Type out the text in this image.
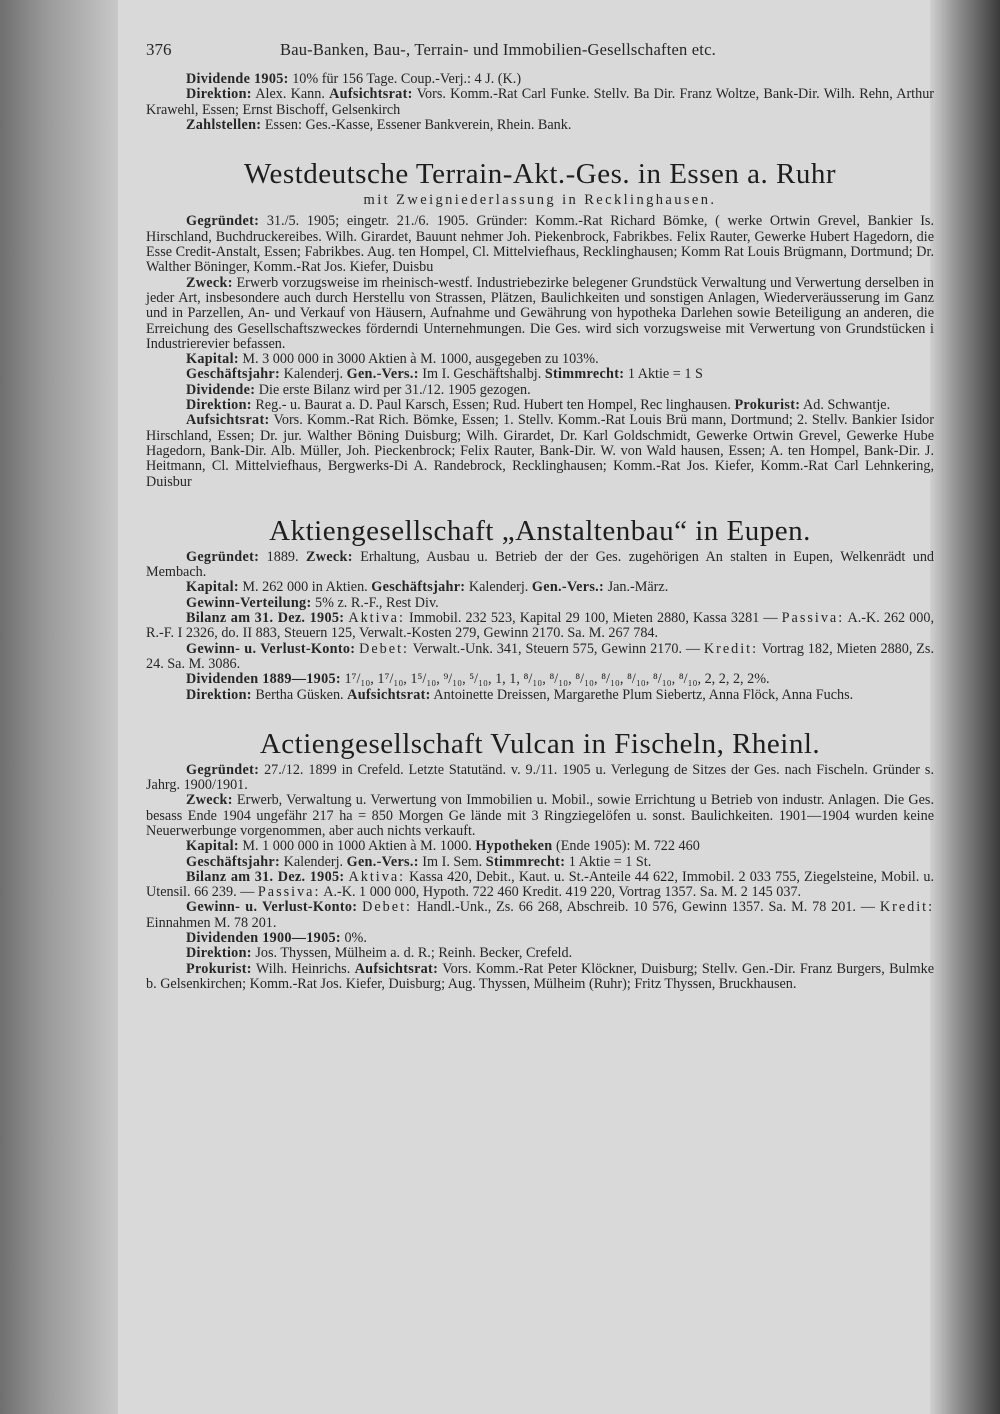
376	Bau-Banken, Bau-, Terrain- und Immobilien-Gesellschaften etc.

Dividende 1905: 10% für 156 Tage. Coup.-Verj.: 4 J. (K.)

Direktion: Alex. Kann. Aufsichtsrat: Vors. Komm.-Rat Carl Funke. Stellv. Ba Dir. Franz Woltze, Bank-Dir. Wilh. Rehn, Arthur Krawehl, Essen; Ernst Bischoff, Gelsenkirch

Zahlstellen: Essen: Ges.-Kasse, Essener Bankverein, Rhein. Bank.

Westdeutsche Terrain-Akt.-Ges. in Essen a. Ruhr
mit Zweigniederlassung in Recklinghausen.

Gegründet: 31./5. 1905; eingetr. 21./6. 1905. Gründer: Komm.-Rat Richard Bömke, ( werke Ortwin Grevel, Bankier Is. Hirschland, Buchdruckereibes. Wilh. Girardet, Bauunt nehmer Joh. Piekenbrock, Fabrikbes. Felix Rauter, Gewerke Hubert Hagedorn, die Esse Credit-Anstalt, Essen; Fabrikbes. Aug. ten Hompel, Cl. Mittelviefhaus, Recklinghausen; Komm Rat Louis Brügmann, Dortmund; Dr. Walther Böninger, Komm.-Rat Jos. Kiefer, Duisbu

Zweck: Erwerb vorzugsweise im rheinisch-westf. Industriebezirke belegener Grundstück Verwaltung und Verwertung derselben in jeder Art, insbesondere auch durch Herstellu von Strassen, Plätzen, Baulichkeiten und sonstigen Anlagen, Wiederveräusserung im Ganz und in Parzellen, An- und Verkauf von Häusern, Aufnahme und Gewährung von hypotheka Darlehen sowie Beteiligung an anderen, die Erreichung des Gesellschaftszweckes förderndi Unternehmungen. Die Ges. wird sich vorzugsweise mit Verwertung von Grundstücken i Industrierevier befassen.

Kapital: M. 3 000 000 in 3000 Aktien à M. 1000, ausgegeben zu 103%.

Geschäftsjahr: Kalenderj. Gen.-Vers.: Im I. Geschäftshalbj. Stimmrecht: 1 Aktie = 1 S

Dividende: Die erste Bilanz wird per 31./12. 1905 gezogen.

Direktion: Reg.- u. Baurat a. D. Paul Karsch, Essen; Rud. Hubert ten Hompel, Rec linghausen. Prokurist: Ad. Schwantje.

Aufsichtsrat: Vors. Komm.-Rat Rich. Bömke, Essen; 1. Stellv. Komm.-Rat Louis Brü mann, Dortmund; 2. Stellv. Bankier Isidor Hirschland, Essen; Dr. jur. Walther Böning Duisburg; Wilh. Girardet, Dr. Karl Goldschmidt, Gewerke Ortwin Grevel, Gewerke Hube Hagedorn, Bank-Dir. Alb. Müller, Joh. Pieckenbrock; Felix Rauter, Bank-Dir. W. von Wald hausen, Essen; A. ten Hompel, Bank-Dir. J. Heitmann, Cl. Mittelviefhaus, Bergwerks-Di A. Randebrock, Recklinghausen; Komm.-Rat Jos. Kiefer, Komm.-Rat Carl Lehnkering, Duisbur

Aktiengesellschaft „Anstaltenbau“ in Eupen.

Gegründet: 1889. Zweck: Erhaltung, Ausbau u. Betrieb der der Ges. zugehörigen An stalten in Eupen, Welkenrädt und Membach.

Kapital: M. 262 000 in Aktien. Geschäftsjahr: Kalenderj. Gen.-Vers.: Jan.-März.

Gewinn-Verteilung: 5% z. R.-F., Rest Div.

Bilanz am 31. Dez. 1905: Aktiva: Immobil. 232 523, Kapital 29 100, Mieten 2880, Kassa 3281 — Passiva: A.-K. 262 000, R.-F. I 2326, do. II 883, Steuern 125, Verwalt.-Kosten 279, Gewinn 2170. Sa. M. 267 784.

Gewinn- u. Verlust-Konto: Debet: Verwalt.-Unk. 341, Steuern 575, Gewinn 2170. — Kredit: Vortrag 182, Mieten 2880, Zs. 24. Sa. M. 3086.

Dividenden 1889—1905: 1⁷/₁₀, 1⁷/₁₀, 1⁵/₁₀, ⁹/₁₀, ⁵/₁₀, 1, 1, ⁸/₁₀, ⁸/₁₀, ⁸/₁₀, ⁸/₁₀, ⁸/₁₀, ⁸/₁₀, ⁸/₁₀, 2, 2, 2, 2%.

Direktion: Bertha Güsken. Aufsichtsrat: Antoinette Dreissen, Margarethe Plum Siebertz, Anna Flöck, Anna Fuchs.

Actiengesellschaft Vulcan in Fischeln, Rheinl.

Gegründet: 27./12. 1899 in Crefeld. Letzte Statutänd. v. 9./11. 1905 u. Verlegung de Sitzes der Ges. nach Fischeln. Gründer s. Jahrg. 1900/1901.

Zweck: Erwerb, Verwaltung u. Verwertung von Immobilien u. Mobil., sowie Errichtung u Betrieb von industr. Anlagen. Die Ges. besass Ende 1904 ungefähr 217 ha = 850 Morgen Ge lände mit 3 Ringziegelöfen u. sonst. Baulichkeiten. 1901—1904 wurden keine Neuerwerbunge vorgenommen, aber auch nichts verkauft.

Kapital: M. 1 000 000 in 1000 Aktien à M. 1000. Hypotheken (Ende 1905): M. 722 460

Geschäftsjahr: Kalenderj. Gen.-Vers.: Im I. Sem. Stimmrecht: 1 Aktie = 1 St.

Bilanz am 31. Dez. 1905: Aktiva: Kassa 420, Debit., Kaut. u. St.-Anteile 44 622, Immobil. 2 033 755, Ziegelsteine, Mobil. u. Utensil. 66 239. — Passiva: A.-K. 1 000 000, Hypoth. 722 460 Kredit. 419 220, Vortrag 1357. Sa. M. 2 145 037.

Gewinn- u. Verlust-Konto: Debet: Handl.-Unk., Zs. 66 268, Abschreib. 10 576, Gewinn 1357. Sa. M. 78 201. — Kredit: Einnahmen M. 78 201.

Dividenden 1900—1905: 0%.

Direktion: Jos. Thyssen, Mülheim a. d. R.; Reinh. Becker, Crefeld.

Prokurist: Wilh. Heinrichs. Aufsichtsrat: Vors. Komm.-Rat Peter Klöckner, Duisburg; Stellv. Gen.-Dir. Franz Burgers, Bulmke b. Gelsenkirchen; Komm.-Rat Jos. Kiefer, Duisburg; Aug. Thyssen, Mülheim (Ruhr); Fritz Thyssen, Bruckhausen.
